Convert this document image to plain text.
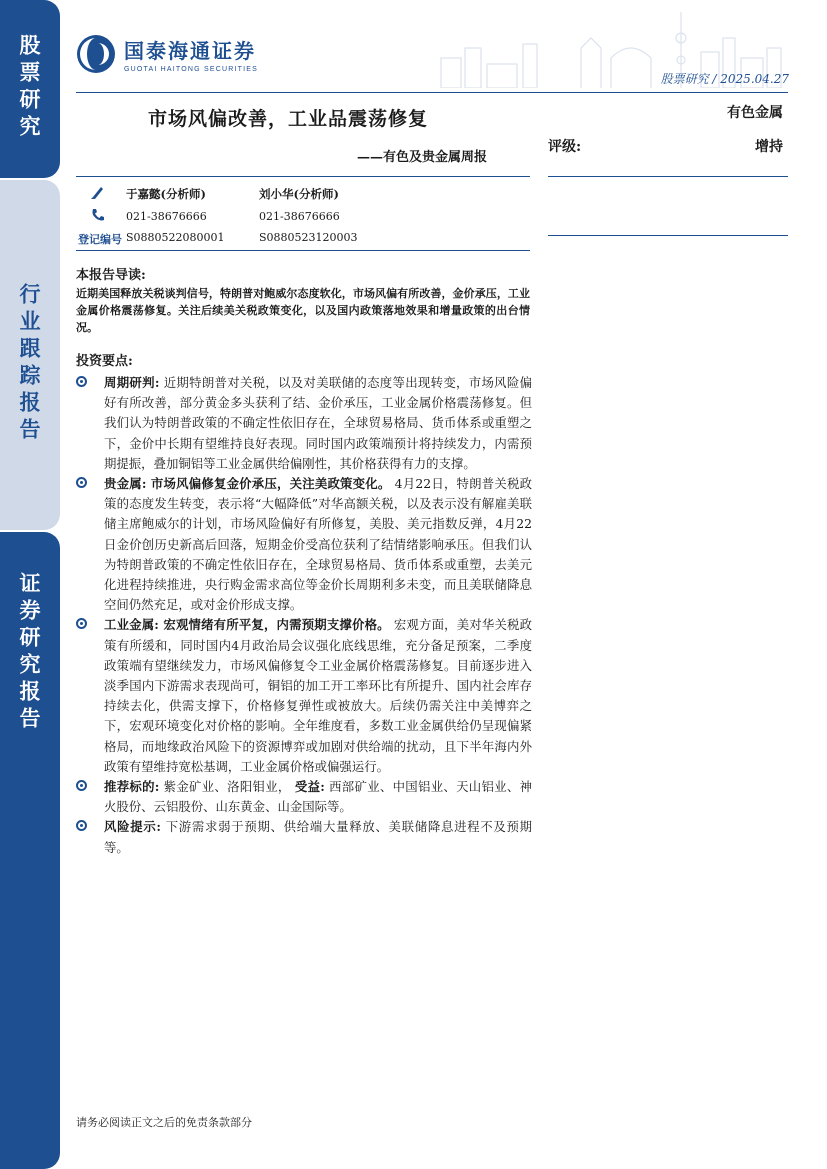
股票研究
行业跟踪报告
证券研究报告
国泰海通证券
GUOTAI HAITONG SECURITIES
股票研究 / 2025.04.27
市场风偏改善，工业品震荡修复
——有色及贵金属周报
有色金属
评级:	增持
于嘉懿(分析师)	刘小华(分析师)
021-38676666	021-38676666
登记编号 S0880522080001	S0880523120003
本报告导读:
近期美国释放关税谈判信号，特朗普对鲍威尔态度软化，市场风偏有所改善，金价承压，工业金属价格震荡修复。关注后续美关税政策变化，以及国内政策落地效果和增量政策的出台情况。
投资要点:
周期研判: 近期特朗普对关税，以及对美联储的态度等出现转变，市场风险偏好有所改善，部分黄金多头获利了结、金价承压，工业金属价格震荡修复。但我们认为特朗普政策的不确定性依旧存在，全球贸易格局、货币体系或重塑之下，金价中长期有望维持良好表现。同时国内政策端预计将持续发力，内需预期提振，叠加铜铝等工业金属供给偏刚性，其价格获得有力的支撑。
贵金属: 市场风偏修复金价承压，关注美政策变化。 4月22日，特朗普关税政策的态度发生转变，表示将“大幅降低”对华高额关税，以及表示没有解雇美联储主席鲍威尔的计划，市场风险偏好有所修复，美股、美元指数反弹，4月22日金价创历史新高后回落，短期金价受高位获利了结情绪影响承压。但我们认为特朗普政策的不确定性依旧存在，全球贸易格局、货币体系或重塑，去美元化进程持续推进，央行购金需求高位等金价长周期利多未变，而且美联储降息空间仍然充足，或对金价形成支撑。
工业金属: 宏观情绪有所平复，内需预期支撑价格。 宏观方面，美对华关税政策有所缓和，同时国内4月政治局会议强化底线思维，充分备足预案，二季度政策端有望继续发力，市场风偏修复令工业金属价格震荡修复。目前逐步进入淡季国内下游需求表现尚可，铜铝的加工开工率环比有所提升、国内社会库存持续去化，供需支撑下，价格修复弹性或被放大。后续仍需关注中美博弈之下，宏观环境变化对价格的影响。全年维度看，多数工业金属供给仍呈现偏紧格局，而地缘政治风险下的资源博弈或加剧对供给端的扰动，且下半年海内外政策有望维持宽松基调，工业金属价格或偏强运行。
推荐标的: 紫金矿业、洛阳钼业， 受益: 西部矿业、中国铝业、天山铝业、神火股份、云铝股份、山东黄金、山金国际等。
风险提示: 下游需求弱于预期、供给端大量释放、美联储降息进程不及预期等。
请务必阅读正文之后的免责条款部分
